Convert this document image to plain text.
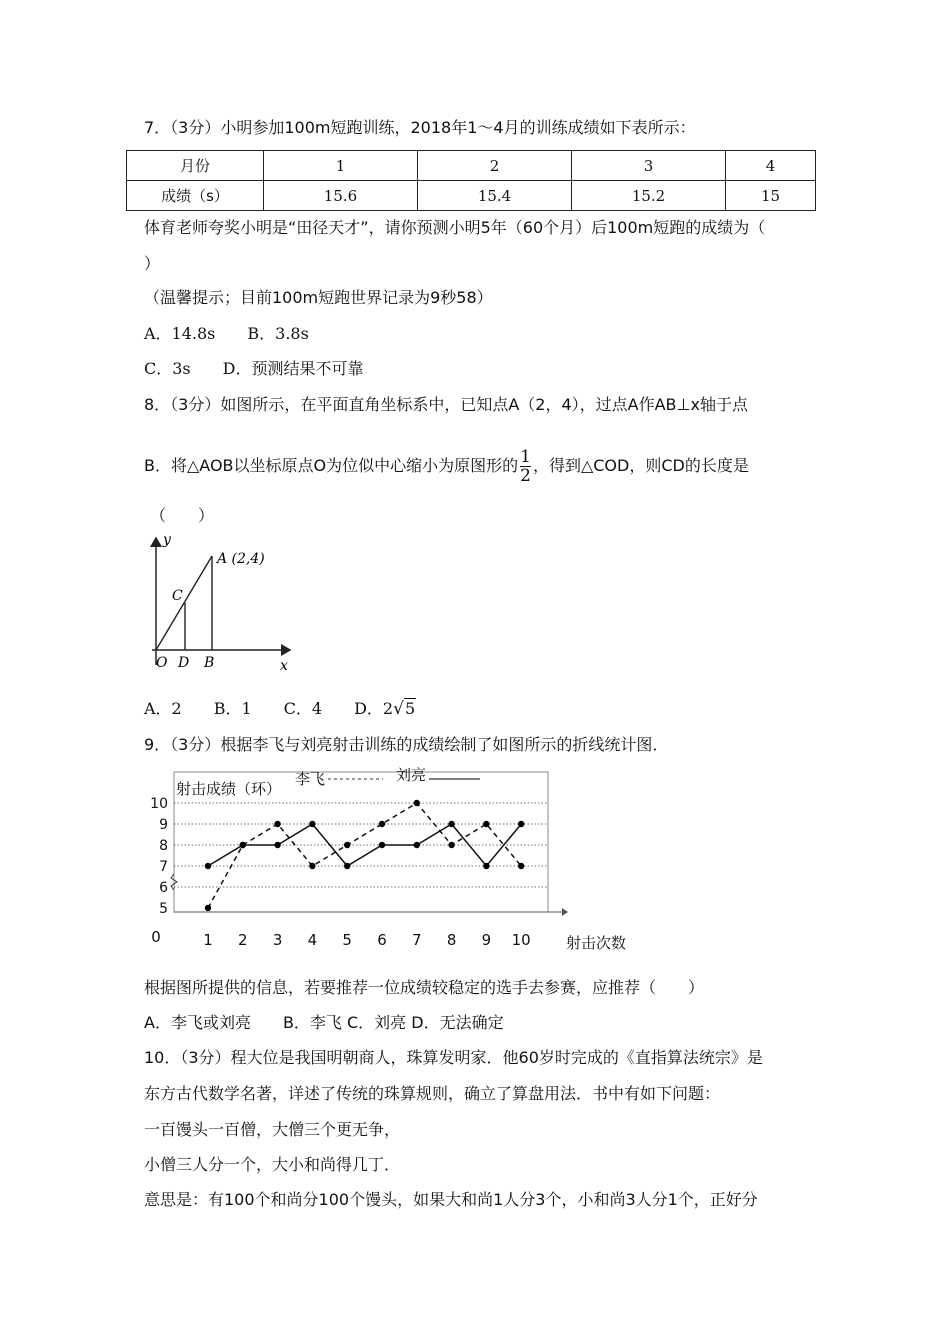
7．（3分）小明参加100m短跑训练，2018年1～4月的训练成绩如下表所示：
月份	1	2	3	4
成绩（s）	15.6	15.4	15.2	15
体育老师夸奖小明是“田径天才”，请你预测小明5年（60个月）后100m短跑的成绩为（
）
（温馨提示；目前100m短跑世界记录为9秒58）
A．14.8s　　B．3.8s
C．3s　　D．预测结果不可靠
8．（3分）如图所示，在平面直角坐标系中，已知点A（2，4），过点A作AB⊥x轴于点
B．将△AOB以坐标原点O为位似中心缩小为原图形的 $\frac{1}{2}$ ，得到△COD，则CD的长度是
（　　）
y
A (2,4)
C
O D B	x
A．2　　B．1　　C．4　　D．2√5
9．（3分）根据李飞与刘亮射击训练的成绩绘制了如图所示的折线统计图．
10
9
8
7
6
5
0	1 2 3 4 5 6 7 8 9 10 射击次数
射击成绩（环）
李飞	刘亮
根据图所提供的信息，若要推荐一位成绩较稳定的选手去参赛，应推荐（　　）
A．李飞或刘亮　　B．李飞 C．刘亮 D．无法确定
10．（3分）程大位是我国明朝商人，珠算发明家．他60岁时完成的《直指算法统宗》是
东方古代数学名著，详述了传统的珠算规则，确立了算盘用法．书中有如下问题：
一百馒头一百僧，大僧三个更无争，
小僧三人分一个，大小和尚得几丁．
意思是：有100个和尚分100个馒头，如果大和尚1人分3个，小和尚3人分1个，正好分
